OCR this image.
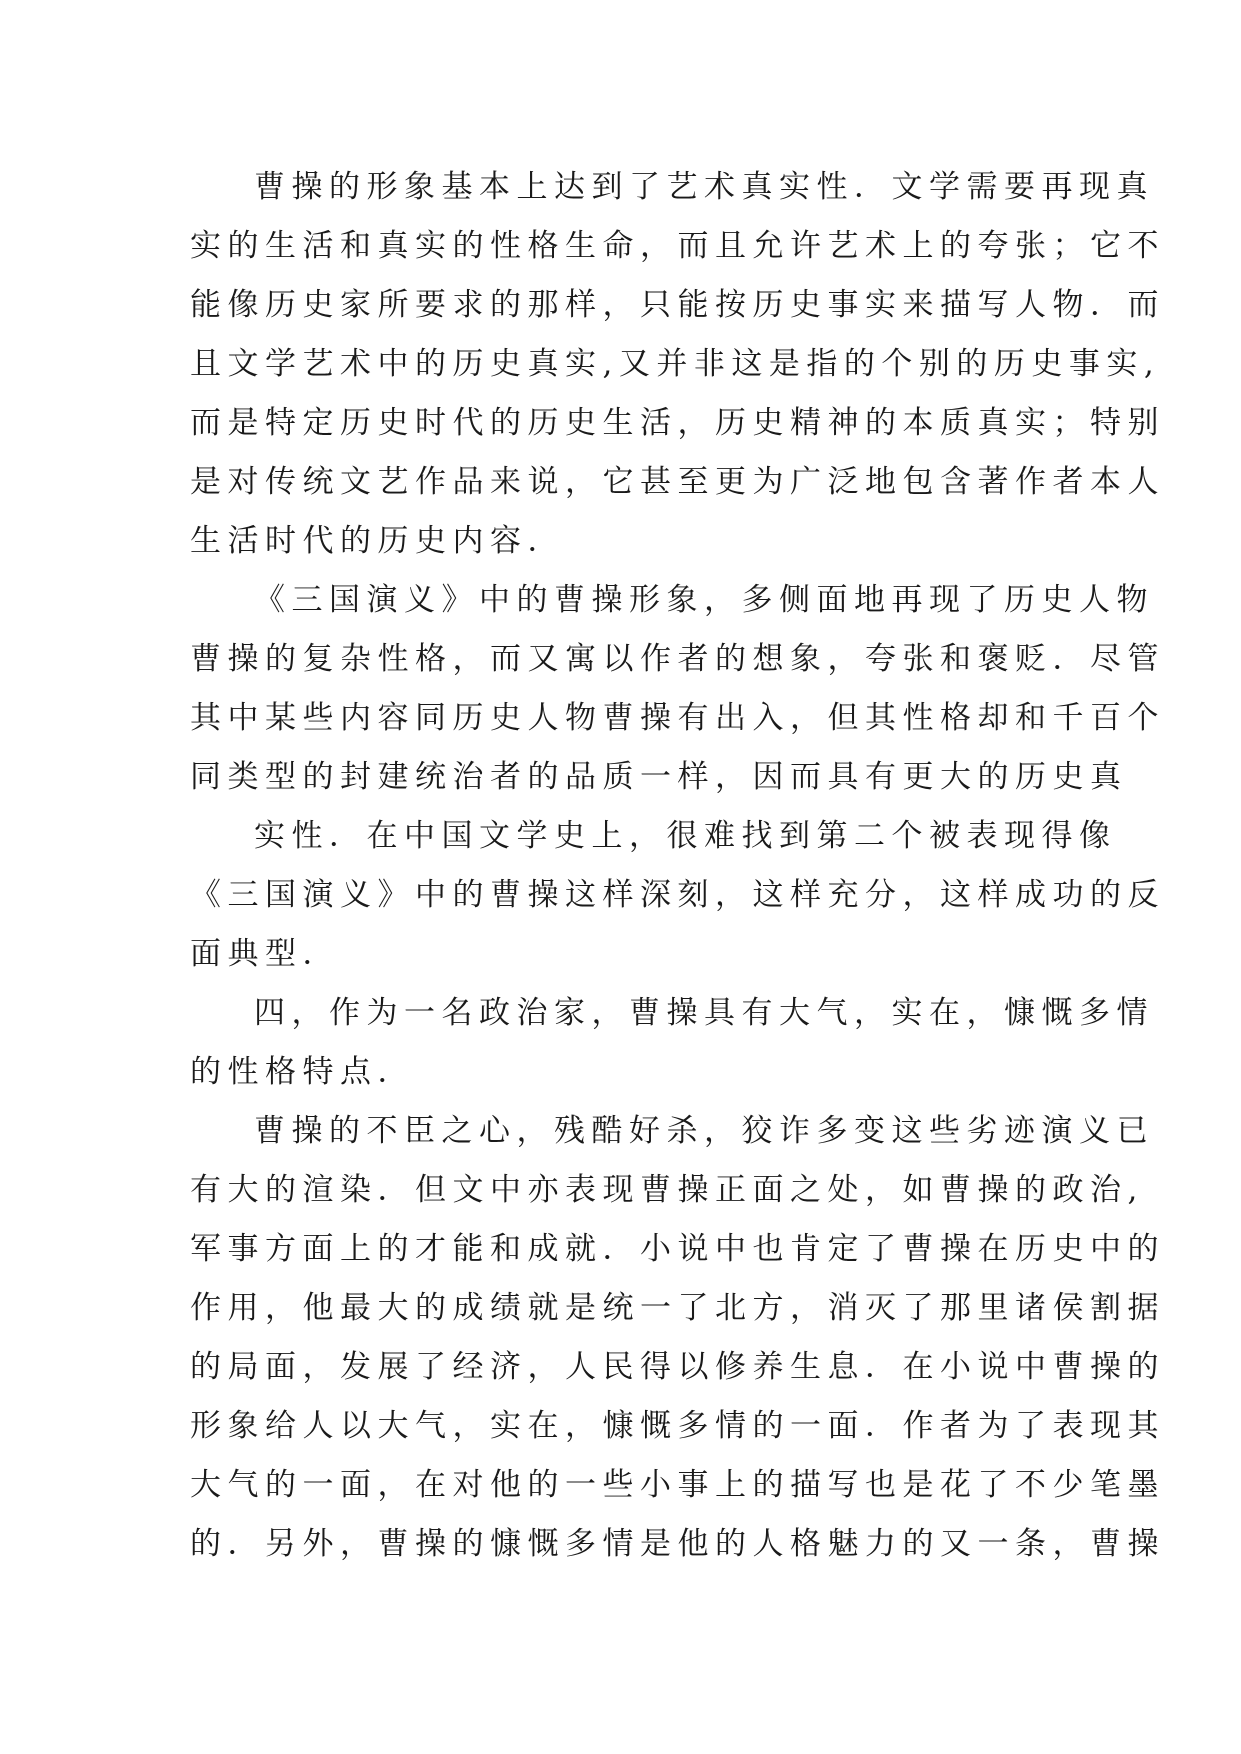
曹操的形象基本上达到了艺术真实性．文学需要再现真
实的生活和真实的性格生命，而且允许艺术上的夸张；它不
能像历史家所要求的那样，只能按历史事实来描写人物．而
且文学艺术中的历史真实,又并非这是指的个别的历史事实,
而是特定历史时代的历史生活，历史精神的本质真实；特别
是对传统文艺作品来说，它甚至更为广泛地包含著作者本人
生活时代的历史内容．
《三国演义》中的曹操形象，多侧面地再现了历史人物
曹操的复杂性格，而又寓以作者的想象，夸张和褒贬．尽管
其中某些内容同历史人物曹操有出入，但其性格却和千百个
同类型的封建统治者的品质一样，因而具有更大的历史真
实性．在中国文学史上，很难找到第二个被表现得像
《三国演义》中的曹操这样深刻，这样充分，这样成功的反
面典型．
四，作为一名政治家，曹操具有大气，实在，慷慨多情
的性格特点．
曹操的不臣之心，残酷好杀，狡诈多变这些劣迹演义已
有大的渲染．但文中亦表现曹操正面之处，如曹操的政治,
军事方面上的才能和成就．小说中也肯定了曹操在历史中的
作用，他最大的成绩就是统一了北方，消灭了那里诸侯割据
的局面，发展了经济，人民得以修养生息．在小说中曹操的
形象给人以大气，实在，慷慨多情的一面．作者为了表现其
大气的一面，在对他的一些小事上的描写也是花了不少笔墨
的．另外，曹操的慷慨多情是他的人格魅力的又一条，曹操
